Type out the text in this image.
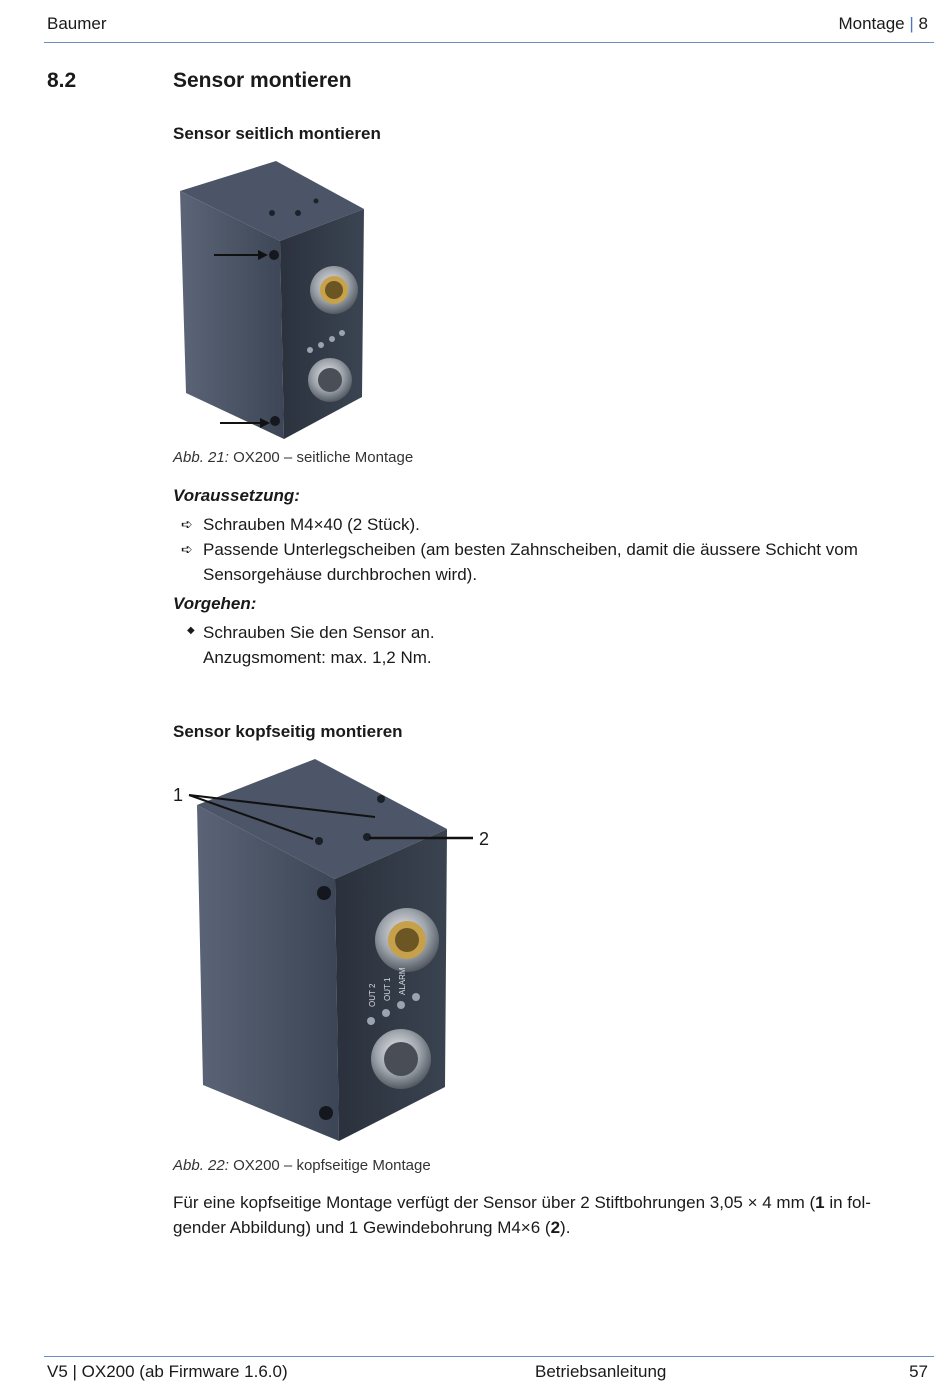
Baumer	Montage | 8
8.2	Sensor montieren
Sensor seitlich montieren
Abb. 21: OX200 – seitliche Montage
Voraussetzung:
➪ Schrauben M4×40 (2 Stück).
➪ Passende Unterlegscheiben (am besten Zahnscheiben, damit die äussere Schicht vom Sensorgehäuse durchbrochen wird).
Vorgehen:
◆ Schrauben Sie den Sensor an.
Anzugsmoment: max. 1,2 Nm.
Sensor kopfseitig montieren
1
2
OUT 2 OUT 1 ALARM
Abb. 22: OX200 – kopfseitige Montage
Für eine kopfseitige Montage verfügt der Sensor über 2 Stiftbohrungen 3,05 × 4 mm (1 in fol-
gender Abbildung) und 1 Gewindebohrung M4×6 (2).
V5 | OX200 (ab Firmware 1.6.0)	Betriebsanleitung	57
